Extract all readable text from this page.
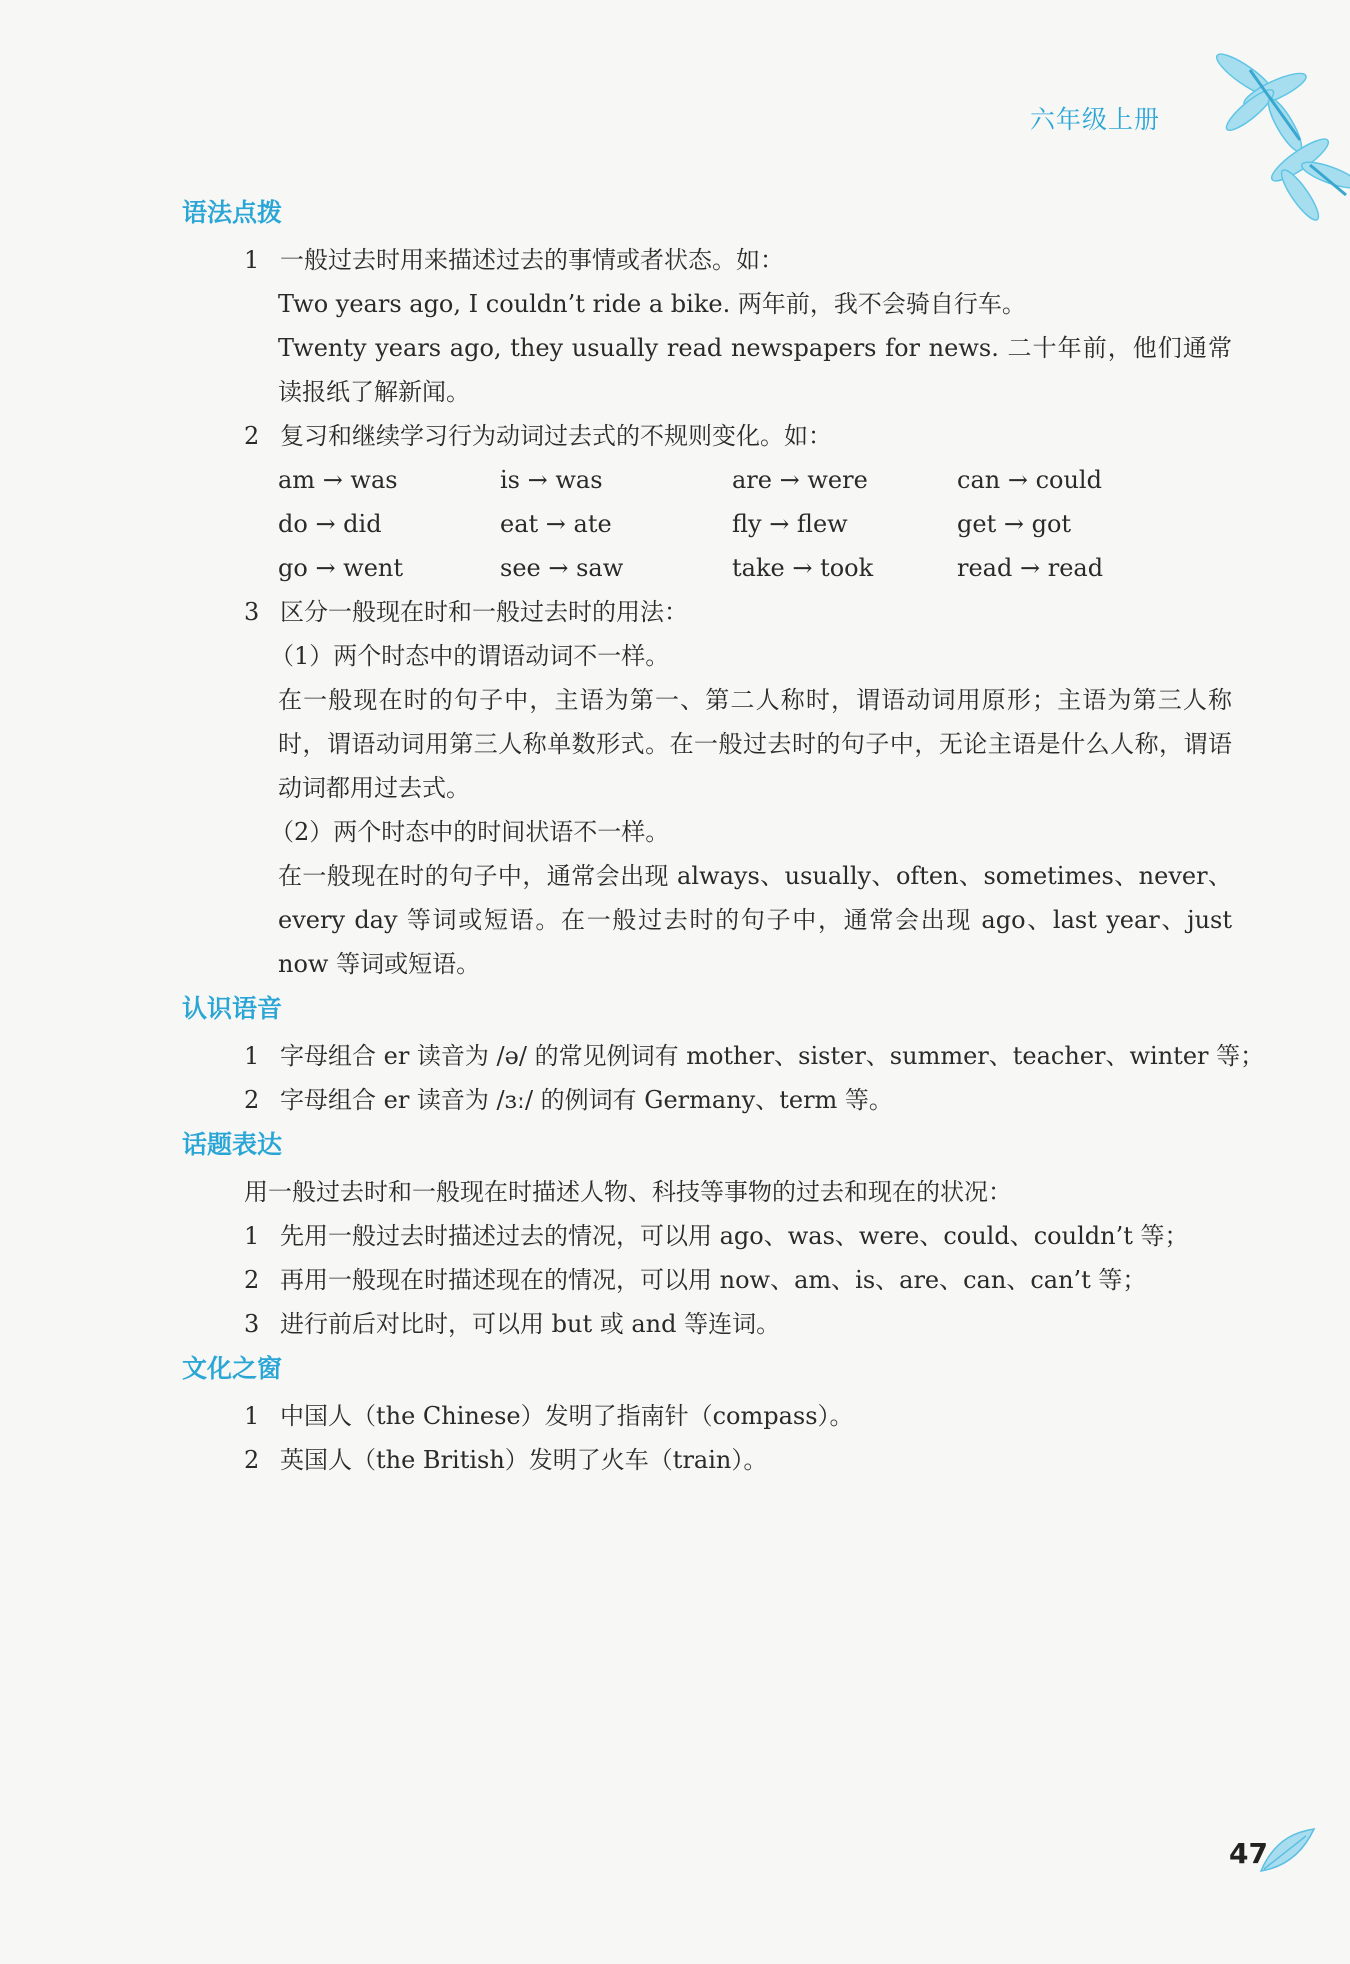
六年级上册
语法点拨
1 一般过去时用来描述过去的事情或者状态。如：
Two years ago, I couldn’t ride a bike. 两年前，我不会骑自行车。
Twenty years ago, they usually read newspapers for news. 二十年前，他们通常读报纸了解新闻。
2 复习和继续学习行为动词过去式的不规则变化。如：
am → was	is → was	are → were	can → could
do → did	eat → ate	fly → flew	get → got
go → went	see → saw	take → took	read → read
3 区分一般现在时和一般过去时的用法：
（1）两个时态中的谓语动词不一样。
在一般现在时的句子中，主语为第一、第二人称时，谓语动词用原形；主语为第三人称时，谓语动词用第三人称单数形式。在一般过去时的句子中，无论主语是什么人称，谓语动词都用过去式。
（2）两个时态中的时间状语不一样。
在一般现在时的句子中，通常会出现 always、usually、often、sometimes、never、every day 等词或短语。在一般过去时的句子中，通常会出现 ago、last year、just now 等词或短语。
认识语音
1 字母组合 er 读音为 /ə/ 的常见例词有 mother、sister、summer、teacher、winter 等；
2 字母组合 er 读音为 /ɜː/ 的例词有 Germany、term 等。
话题表达
用一般过去时和一般现在时描述人物、科技等事物的过去和现在的状况：
1 先用一般过去时描述过去的情况，可以用 ago、was、were、could、couldn’t 等；
2 再用一般现在时描述现在的情况，可以用 now、am、is、are、can、can’t 等；
3 进行前后对比时，可以用 but 或 and 等连词。
文化之窗
1 中国人（the Chinese）发明了指南针（compass）。
2 英国人（the British）发明了火车（train）。
47
